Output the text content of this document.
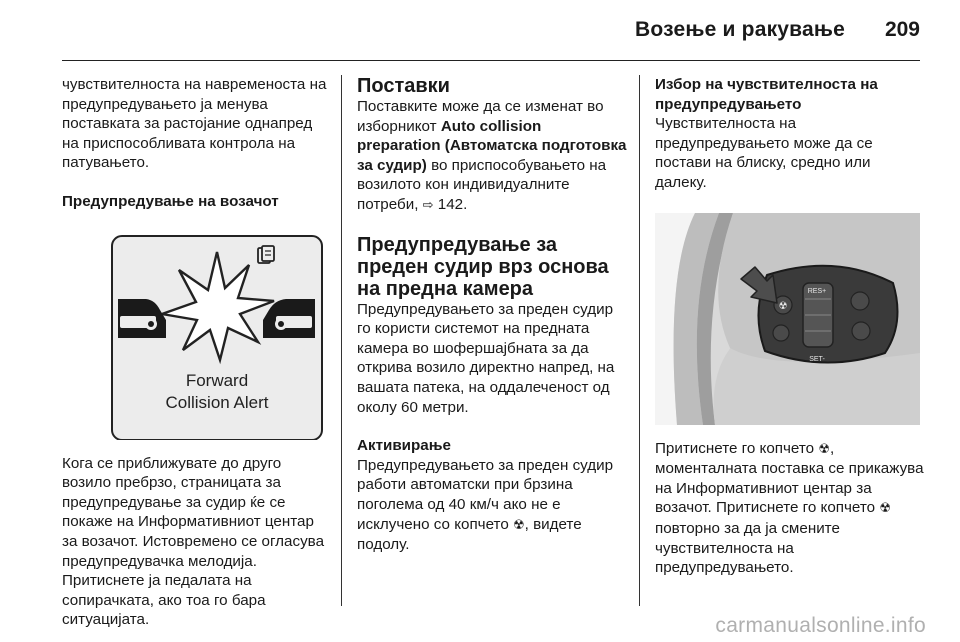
Возење и ракување 209

чувствителноста на навременоста на предупредувањето ја менува поставката за растојание однапред на приспособливата контрола на патувањето.

Предупредување на возачот

Forward
Collision Alert

Кога се приближувате до друго возило пребрзо, страницата за предупредување за судир ќе се покаже на Информативниот центар за возачот. Истовремено се огласува предупредувачка мелодија. Притиснете ја педалата на сопирачката, ако тоа го бара ситуацијата.

Поставки

Поставките може да се изменат во изборникот Auto collision preparation (Автоматска подготовка за судир) во приспособувањето на возилото кон индивидуалните потреби, ⇨ 142.

Предупредување за преден судир врз основа на предна камера

Предупредувањето за преден судир го користи системот на предната камера во шофершајбната за да открива возило директно напред, на вашата патека, на оддалеченост од околу 60 метри.

Активирање

Предупредувањето за преден судир работи автоматски при брзина поголема од 40 км/ч ако не е исклучено со копчето ☢, видете подолу.

Избор на чувствителноста на предупредувањето

Чувствителноста на предупредувањето може да се постави на блиску, средно или далеку.

RES+
SET-
☢

Притиснете го копчето ☢, моменталната поставка се прикажува на Информативниот центар за возачот. Притиснете го копчето ☢ повторно за да ја смените чувствителноста на предупредувањето.

carmanualsonline.info
